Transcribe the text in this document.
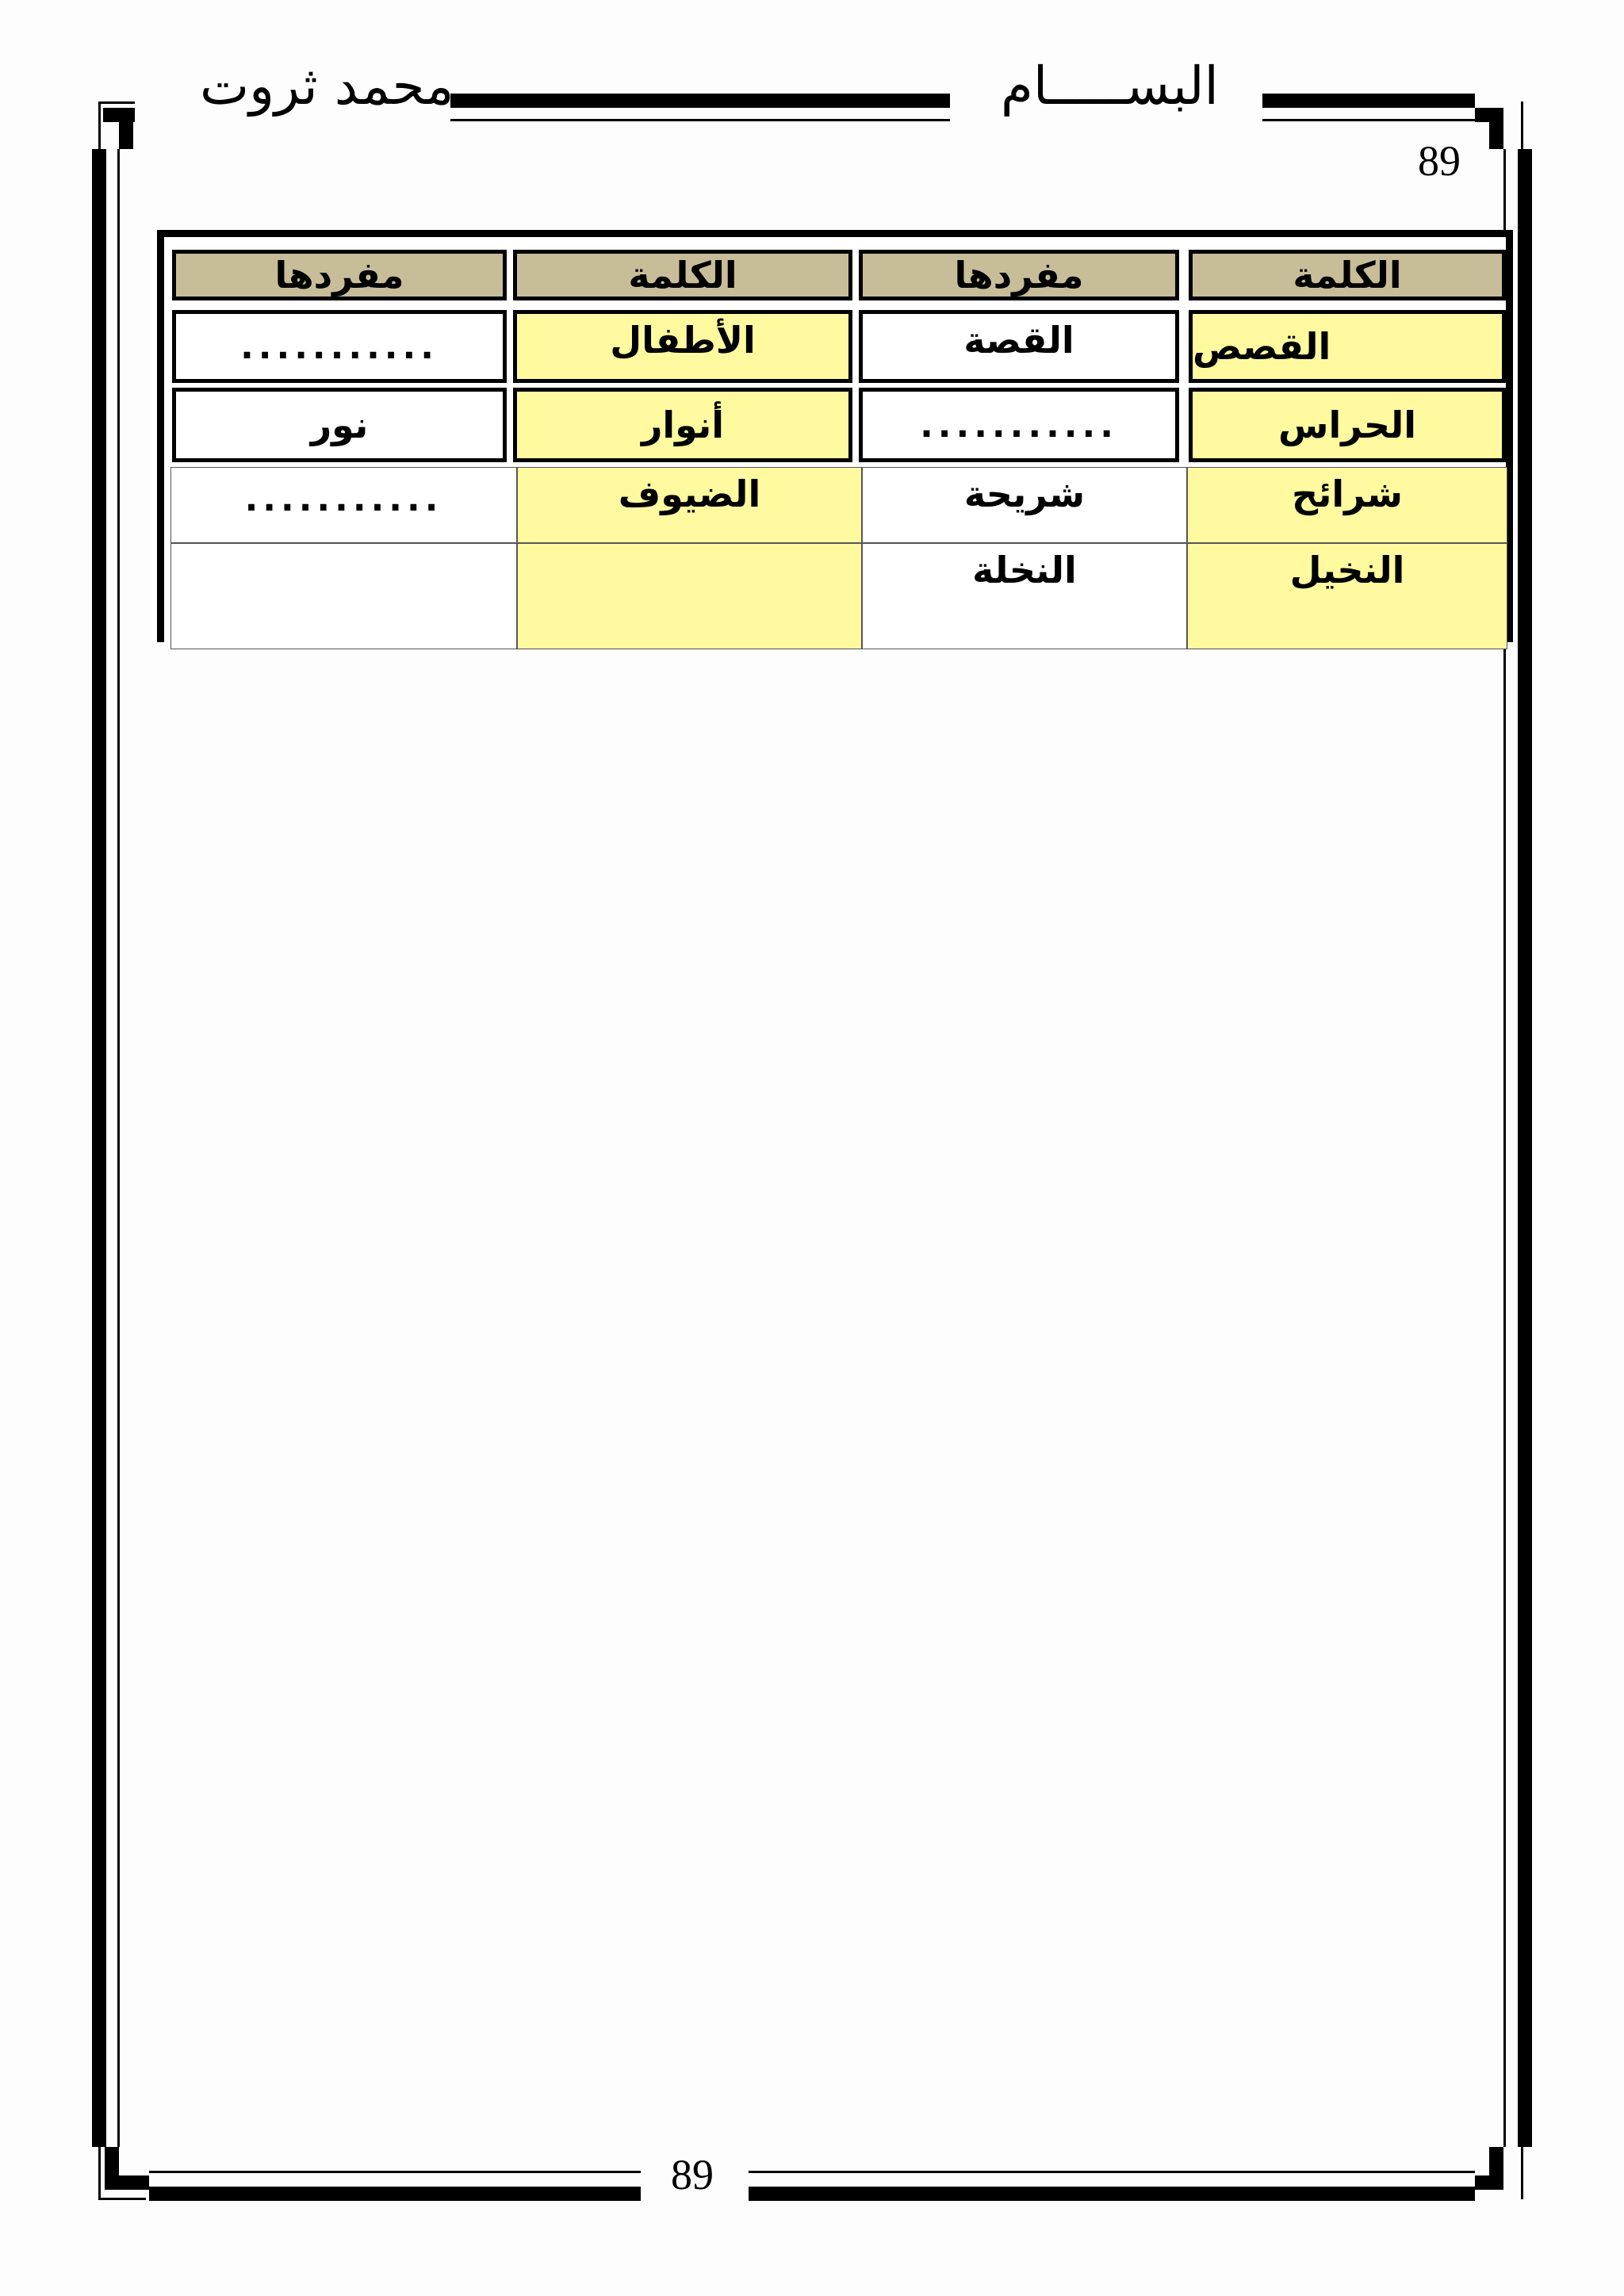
محمد ثروت	البســـــام
89
الكلمة
مفردها
الكلمة
مفردها
القصص
القصة
الأطفال
...........
الحراس
...........
أنوار
نور
شرائح
شريحة
الضيوف
...........
النخيل
النخلة
89
